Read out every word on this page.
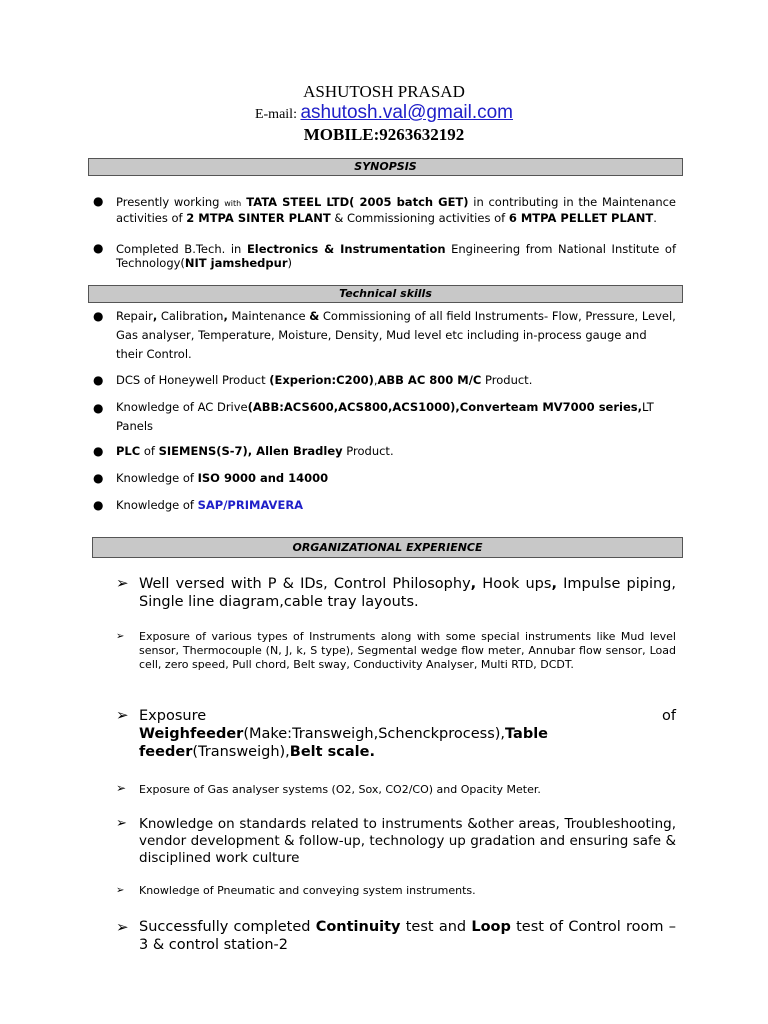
ASHUTOSH PRASAD
E-mail: ashutosh.val@gmail.com
MOBILE:9263632192
SYNOPSIS
● Presently working with TATA STEEL LTD( 2005 batch GET) in contributing in the Maintenance activities of 2 MTPA SINTER PLANT & Commissioning activities of 6 MTPA PELLET PLANT.
● Completed B.Tech. in Electronics & Instrumentation Engineering from National Institute of Technology(NIT jamshedpur)
Technical skills
● Repair, Calibration, Maintenance & Commissioning of all field Instruments- Flow, Pressure, Level, Gas analyser, Temperature, Moisture, Density, Mud level etc including in-process gauge and their Control.
● DCS of Honeywell Product (Experion:C200),ABB AC 800 M/C Product.
● Knowledge of AC Drive(ABB:ACS600,ACS800,ACS1000),Converteam MV7000 series,LT Panels
● PLC of SIEMENS(S-7), Allen Bradley Product.
● Knowledge of ISO 9000 and 14000
● Knowledge of SAP/PRIMAVERA
ORGANIZATIONAL EXPERIENCE
➢ Well versed with P & IDs, Control Philosophy, Hook ups, Impulse piping, Single line diagram,cable tray layouts.
➢ Exposure of various types of Instruments along with some special instruments like Mud level sensor, Thermocouple (N, J, k, S type), Segmental wedge flow meter, Annubar flow sensor, Load cell, zero speed, Pull chord, Belt sway, Conductivity Analyser, Multi RTD, DCDT.
➢ Exposure	of
Weighfeeder(Make:Transweigh,Schenckprocess),Table feeder(Transweigh),Belt scale.
➢ Exposure of Gas analyser systems (O2, Sox, CO2/CO) and Opacity Meter.
➢ Knowledge on standards related to instruments &other areas, Troubleshooting, vendor development & follow-up, technology up gradation and ensuring safe & disciplined work culture
➢ Knowledge of Pneumatic and conveying system instruments.
➢ Successfully completed Continuity test and Loop test of Control room –3 & control station-2
